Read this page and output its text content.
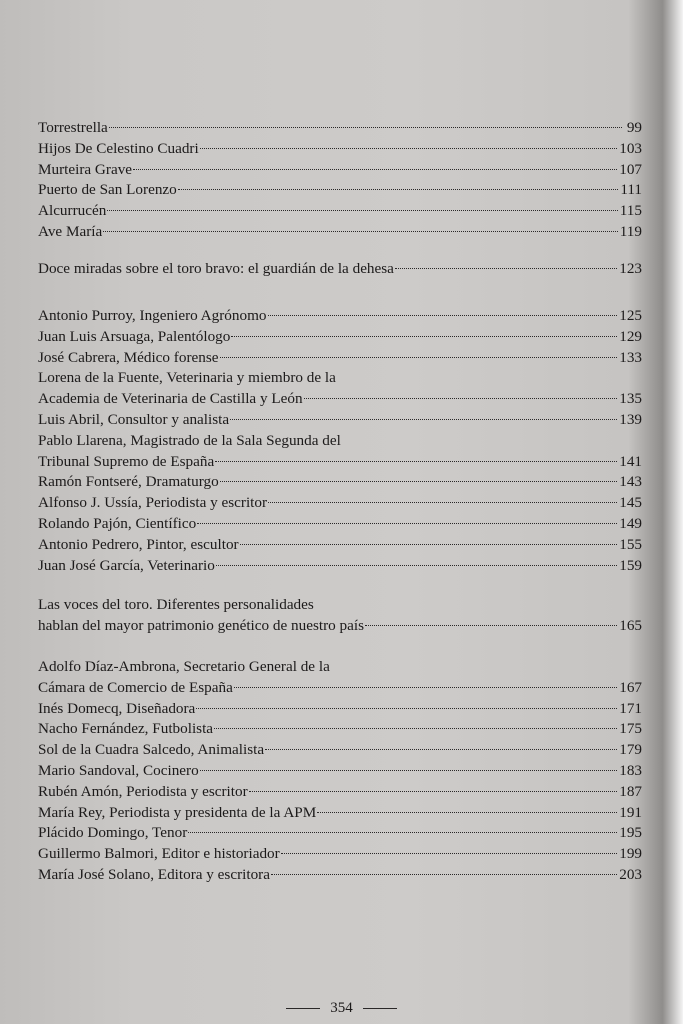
Torrestrella	99
Hijos De Celestino Cuadri	103
Murteira Grave	107
Puerto de San Lorenzo	111
Alcurrucén	115
Ave María	119
Doce miradas sobre el toro bravo: el guardián de la dehesa	123
Antonio Purroy, Ingeniero Agrónomo	125
Juan Luis Arsuaga, Palentólogo	129
José Cabrera, Médico forense	133
Lorena de la Fuente, Veterinaria y miembro de la
Academia de Veterinaria de Castilla y León	135
Luis Abril, Consultor y analista	139
Pablo Llarena, Magistrado de la Sala Segunda del
Tribunal Supremo de España	141
Ramón Fontseré, Dramaturgo	143
Alfonso J. Ussía, Periodista y escritor	145
Rolando Pajón, Científico	149
Antonio Pedrero, Pintor, escultor	155
Juan José García, Veterinario	159
Las voces del toro. Diferentes personalidades
hablan del mayor patrimonio genético de nuestro país	165
Adolfo Díaz-Ambrona, Secretario General de la
Cámara de Comercio de España	167
Inés Domecq, Diseñadora	171
Nacho Fernández, Futbolista	175
Sol de la Cuadra Salcedo, Animalista	179
Mario Sandoval, Cocinero	183
Rubén Amón, Periodista y escritor	187
María Rey, Periodista y presidenta de la APM	191
Plácido Domingo, Tenor	195
Guillermo Balmori, Editor e historiador	199
María José Solano, Editora y escritora	203
354
